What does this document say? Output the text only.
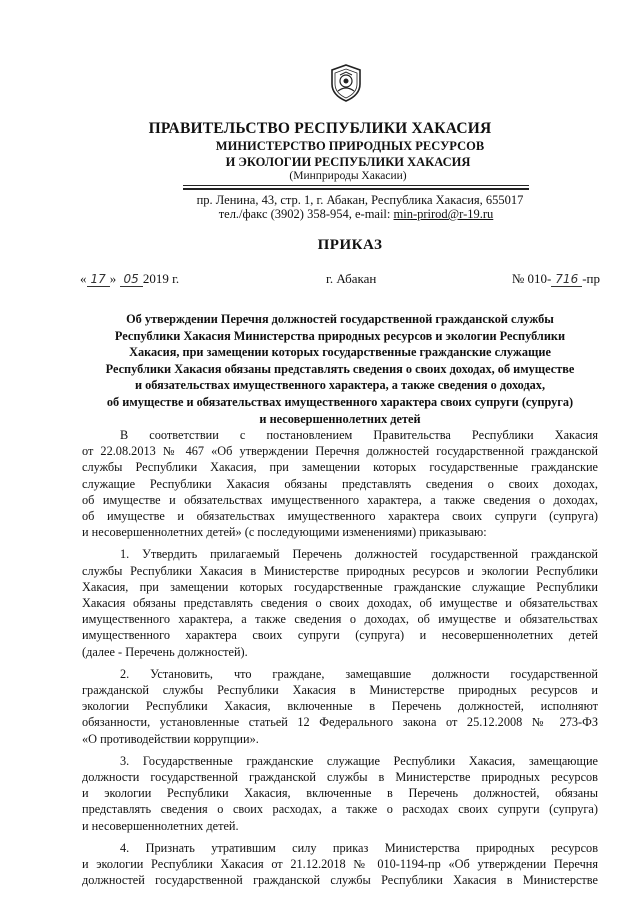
ПРАВИТЕЛЬСТВО РЕСПУБЛИКИ ХАКАСИЯ
МИНИСТЕРСТВО ПРИРОДНЫХ РЕСУРСОВ
И ЭКОЛОГИИ РЕСПУБЛИКИ ХАКАСИЯ
(Минприроды Хакасии)
пр. Ленина, 43, стр. 1, г. Абакан, Республика Хакасия, 655017
тел./факс (3902) 358-954, e-mail: min-prirod@r-19.ru
ПРИКАЗ
« 17 » 05 2019 г.	г. Абакан	№ 010- 716 -пр
Об утверждении Перечня должностей государственной гражданской службы
Республики Хакасия Министерства природных ресурсов и экологии Республики
Хакасия, при замещении которых государственные гражданские служащие
Республики Хакасия обязаны представлять сведения о своих доходах, об имуществе
и обязательствах имущественного характера, а также сведения о доходах,
об имуществе и обязательствах имущественного характера своих супруги (супруга)
и несовершеннолетних детей
В соответствии с постановлением Правительства Республики Хакасия
от 22.08.2013 № 467 «Об утверждении Перечня должностей государственной гражданской
службы Республики Хакасия, при замещении которых государственные гражданские
служащие Республики Хакасия обязаны представлять сведения о своих доходах,
об имуществе и обязательствах имущественного характера, а также сведения о доходах,
об имуществе и обязательствах имущественного характера своих супруги (супруга)
и несовершеннолетних детей» (с последующими изменениями) приказываю:
1. Утвердить прилагаемый Перечень должностей государственной гражданской
службы Республики Хакасия в Министерстве природных ресурсов и экологии Республики
Хакасия, при замещении которых государственные гражданские служащие Республики
Хакасия обязаны представлять сведения о своих доходах, об имуществе и обязательствах
имущественного характера, а также сведения о доходах, об имуществе и обязательствах
имущественного характера своих супруги (супруга) и несовершеннолетних детей
(далее - Перечень должностей).
2. Установить, что граждане, замещавшие должности государственной
гражданской службы Республики Хакасия в Министерстве природных ресурсов и
экологии Республики Хакасия, включенные в Перечень должностей, исполняют
обязанности, установленные статьей 12 Федерального закона от 25.12.2008 № 273-ФЗ
«О противодействии коррупции».
3. Государственные гражданские служащие Республики Хакасия, замещающие
должности государственной гражданской службы в Министерстве природных ресурсов
и экологии Республики Хакасия, включенные в Перечень должностей, обязаны
представлять сведения о своих расходах, а также о расходах своих супруги (супруга)
и несовершеннолетних детей.
4. Признать утратившим силу приказ Министерства природных ресурсов
и экологии Республики Хакасия от 21.12.2018 № 010-1194-пр «Об утверждении Перечня
должностей государственной гражданской службы Республики Хакасия в Министерстве
